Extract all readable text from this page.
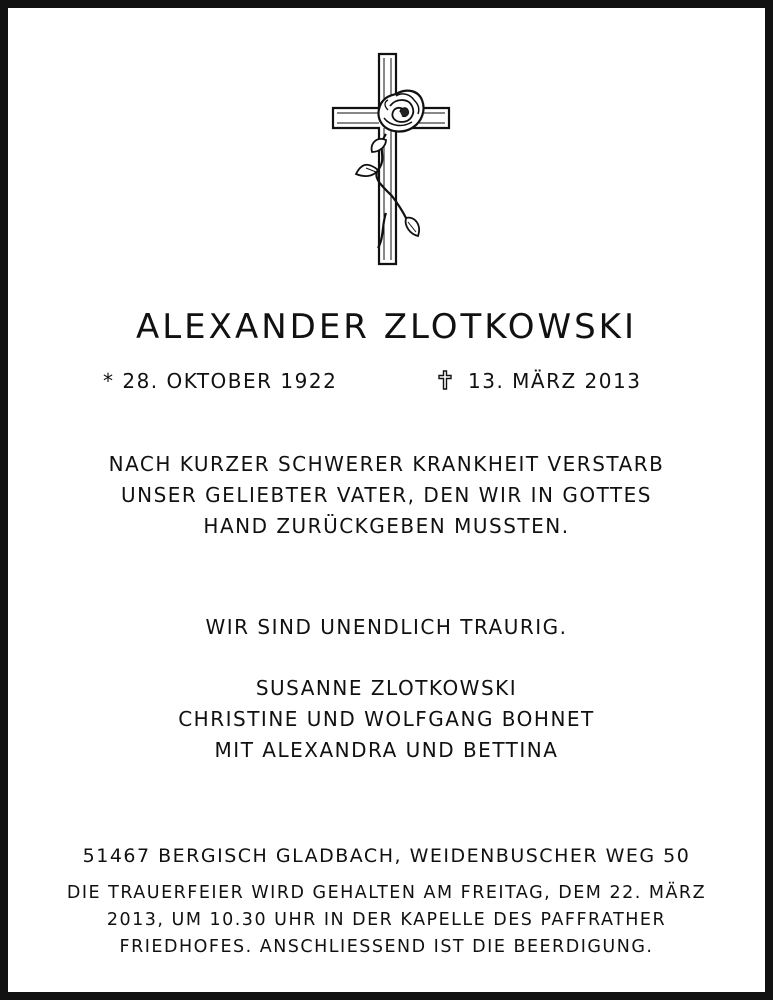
ALEXANDER ZLOTKOWSKI
* 28. OKTOBER 1922	13. MÄRZ 2013
NACH KURZER SCHWERER KRANKHEIT VERSTARB
UNSER GELIEBTER VATER, DEN WIR IN GOTTES
HAND ZURÜCKGEBEN MUSSTEN.
WIR SIND UNENDLICH TRAURIG.
SUSANNE ZLOTKOWSKI
CHRISTINE UND WOLFGANG BOHNET
MIT ALEXANDRA UND BETTINA
51467 BERGISCH GLADBACH, WEIDENBUSCHER WEG 50
DIE TRAUERFEIER WIRD GEHALTEN AM FREITAG, DEM 22. MÄRZ
2013, UM 10.30 UHR IN DER KAPELLE DES PAFFRATHER
FRIEDHOFES. ANSCHLIESSEND IST DIE BEERDIGUNG.
